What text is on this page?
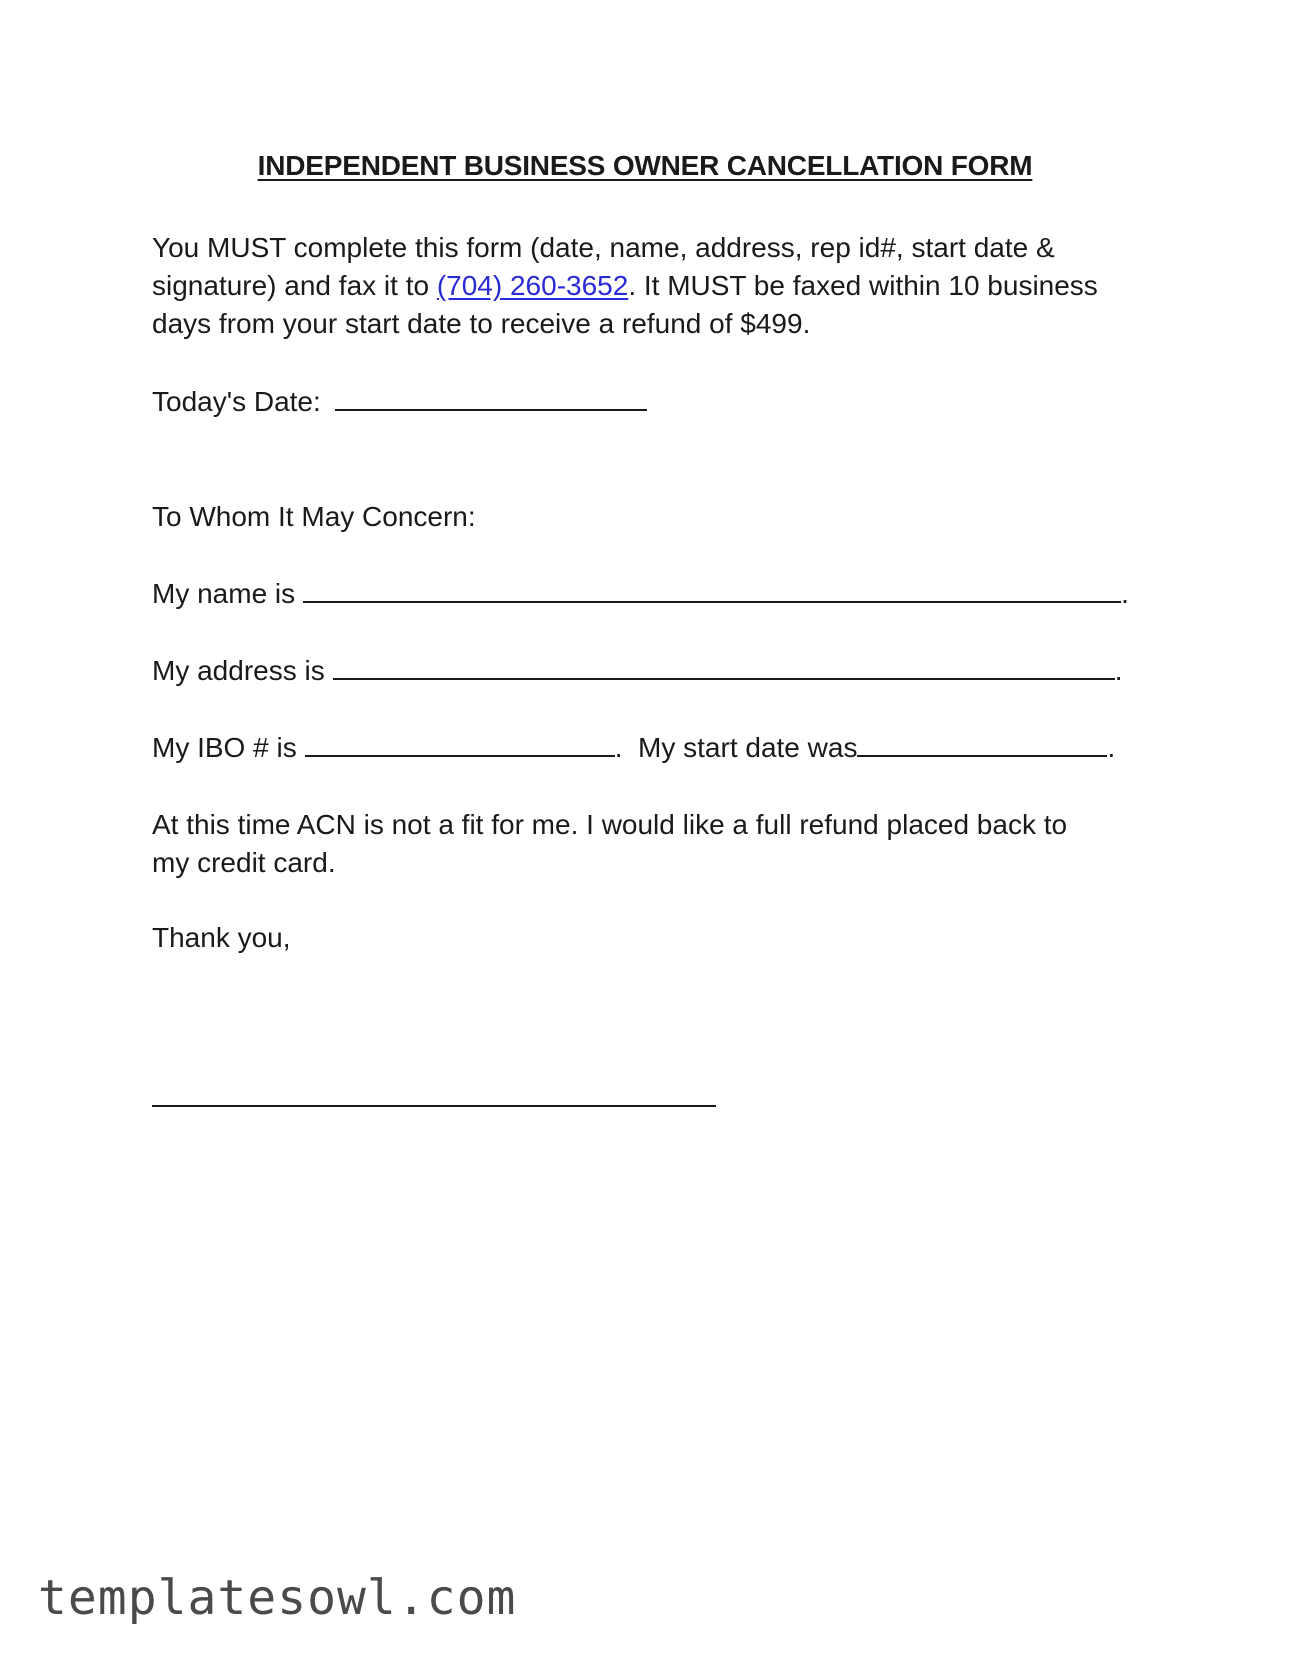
INDEPENDENT BUSINESS OWNER CANCELLATION FORM
You MUST complete this form (date, name, address, rep id#, start date &
signature) and fax it to (704) 260-3652. It MUST be faxed within 10 business
days from your start date to receive a refund of $499.
Today's Date:
To Whom It May Concern:
My name is	.
My address is	.
My IBO # is	. My start date was	.
At this time ACN is not a fit for me. I would like a full refund placed back to
my credit card.
Thank you,
templatesowl.com
